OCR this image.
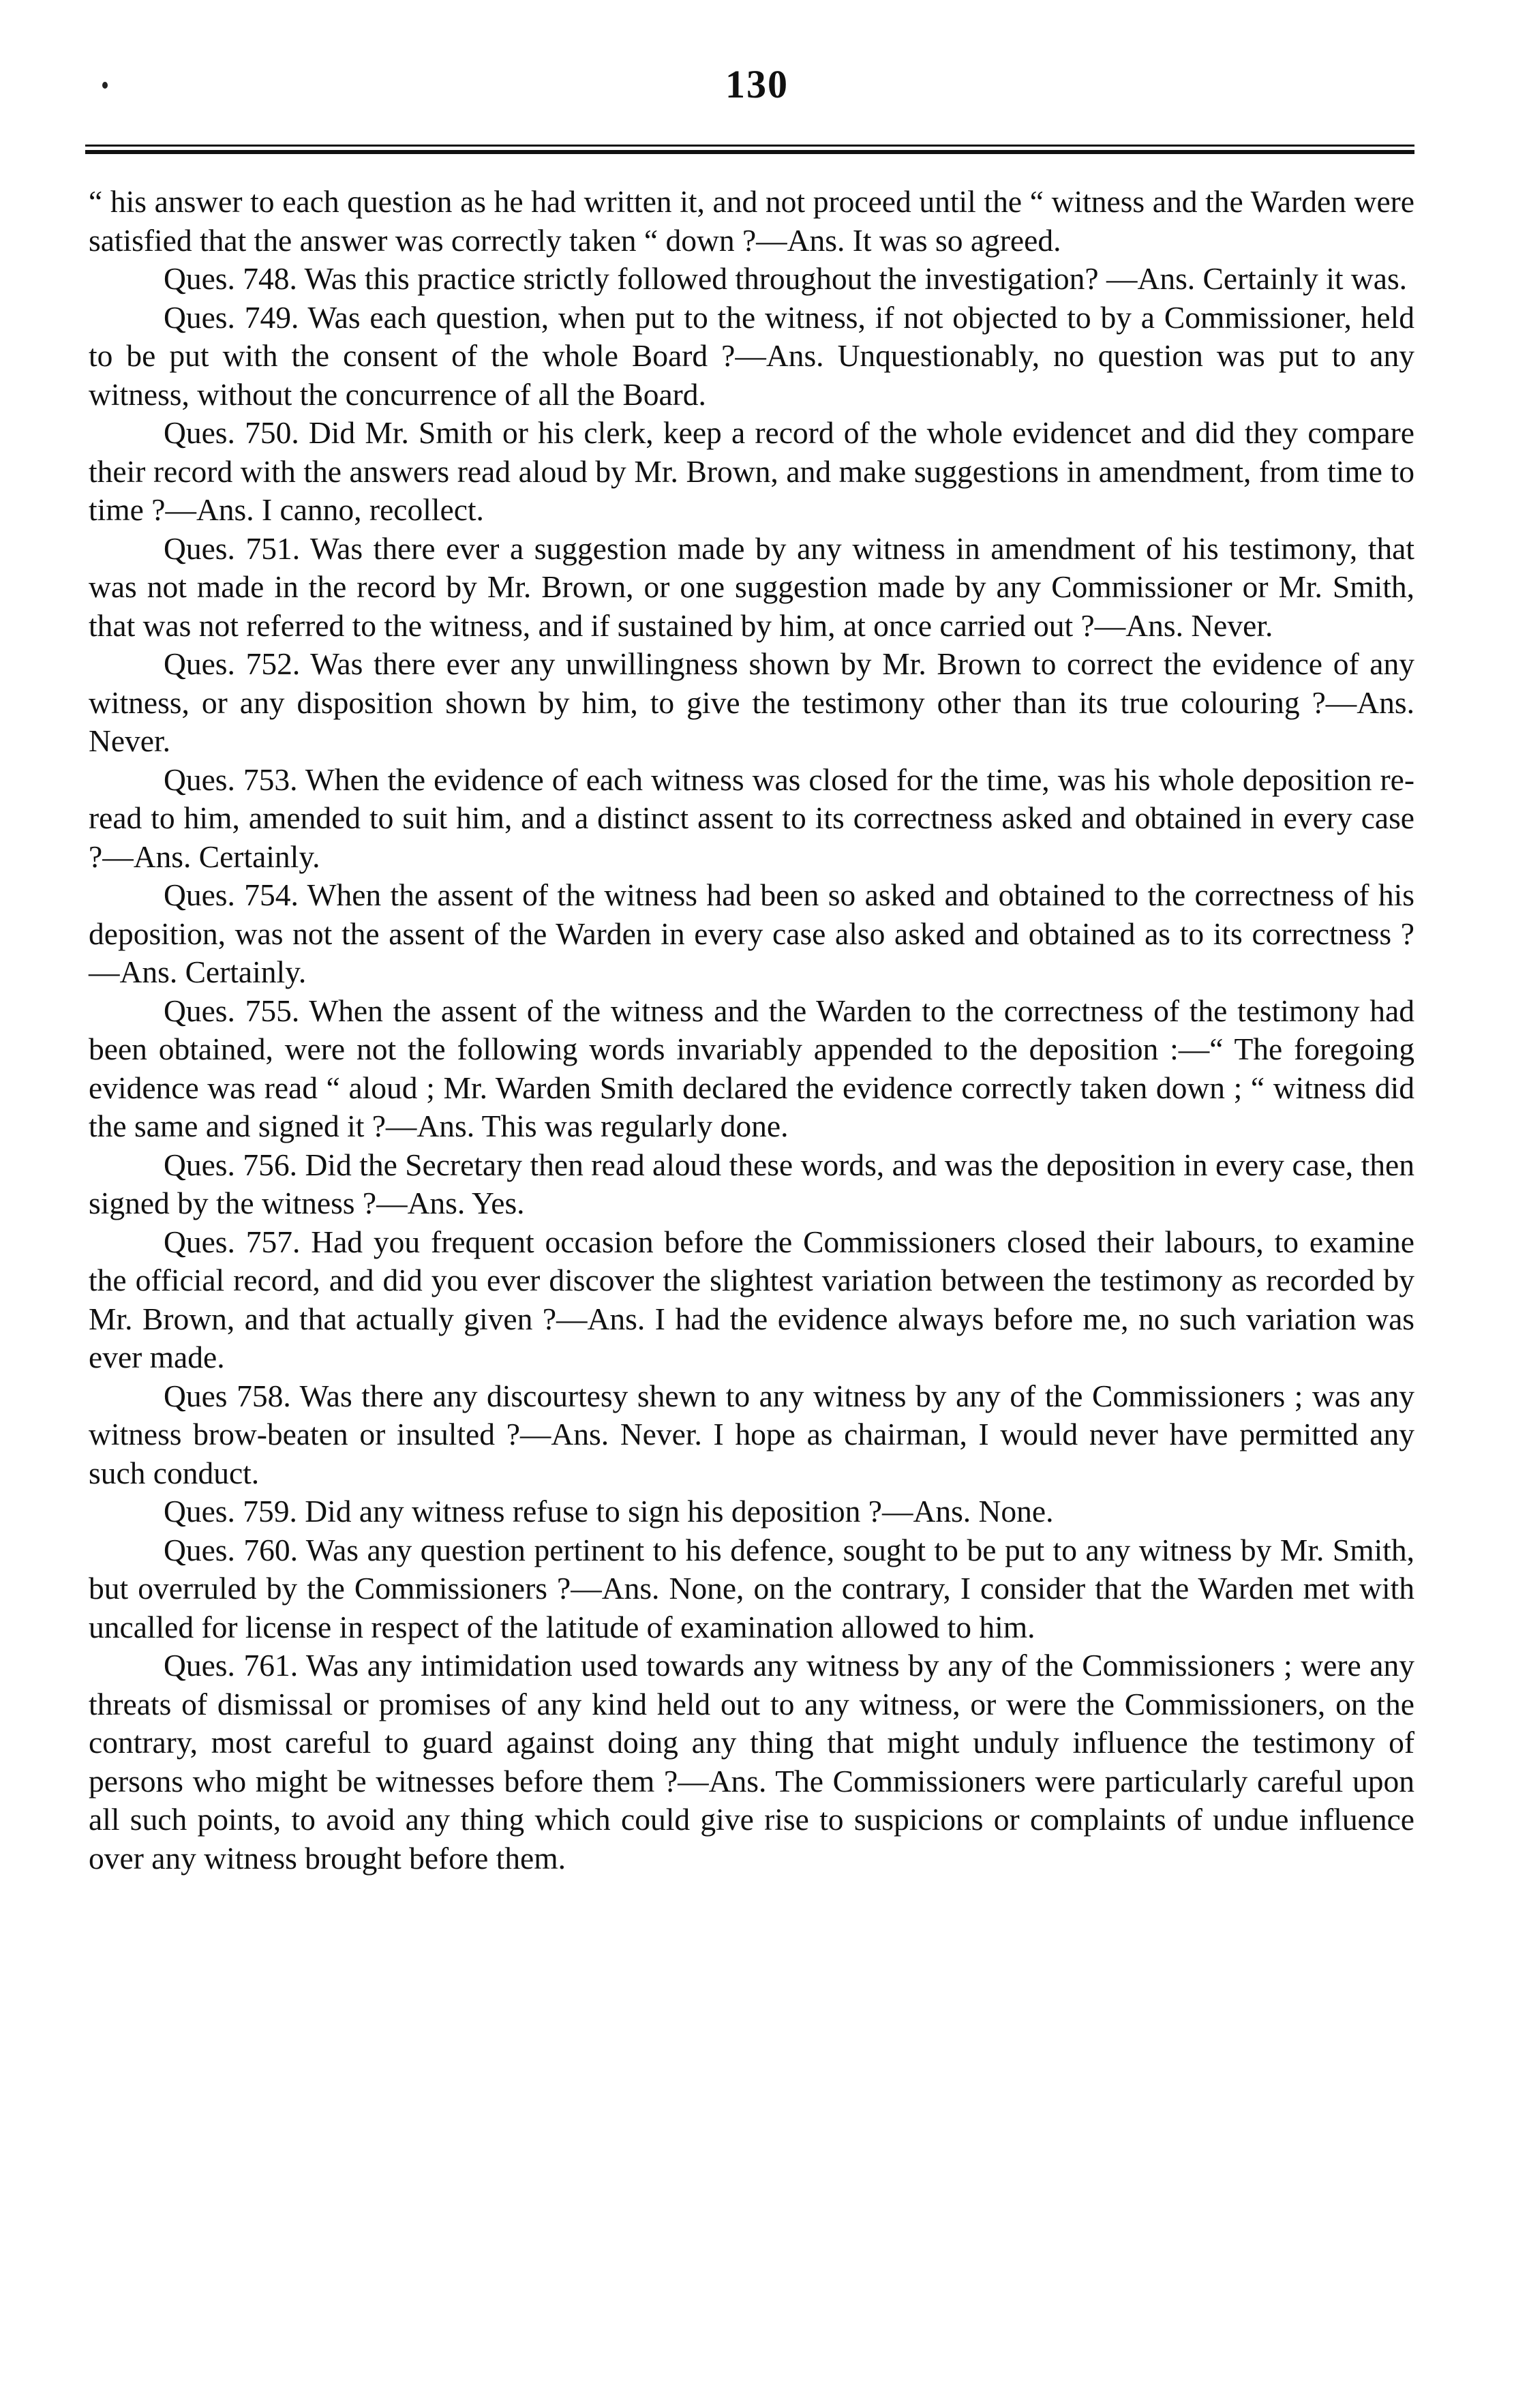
130

“ his answer to each question as he had written it, and not proceed until the “ witness and the Warden were satisfied that the answer was correctly taken “ down ?—Ans. It was so agreed.

Ques. 748. Was this practice strictly followed throughout the investigation? —Ans. Certainly it was.

Ques. 749. Was each question, when put to the witness, if not objected to by a Commissioner, held to be put with the consent of the whole Board ?—Ans. Unquestionably, no question was put to any witness, without the concurrence of all the Board.

Ques. 750. Did Mr. Smith or his clerk, keep a record of the whole evidencet and did they compare their record with the answers read aloud by Mr. Brown, and make suggestions in amendment, from time to time ?—Ans. I canno, recollect.

Ques. 751. Was there ever a suggestion made by any witness in amendment of his testimony, that was not made in the record by Mr. Brown, or one suggestion made by any Commissioner or Mr. Smith, that was not referred to the witness, and if sustained by him, at once carried out ?—Ans. Never.

Ques. 752. Was there ever any unwillingness shown by Mr. Brown to correct the evidence of any witness, or any disposition shown by him, to give the testimony other than its true colouring ?—Ans. Never.

Ques. 753. When the evidence of each witness was closed for the time, was his whole deposition re-read to him, amended to suit him, and a distinct assent to its correctness asked and obtained in every case ?—Ans. Certainly.

Ques. 754. When the assent of the witness had been so asked and obtained to the correctness of his deposition, was not the assent of the Warden in every case also asked and obtained as to its correctness ?—Ans. Certainly.

Ques. 755. When the assent of the witness and the Warden to the correctness of the testimony had been obtained, were not the following words invariably appended to the deposition :—“ The foregoing evidence was read “ aloud ; Mr. Warden Smith declared the evidence correctly taken down ; “ witness did the same and signed it ?—Ans. This was regularly done.

Ques. 756. Did the Secretary then read aloud these words, and was the deposition in every case, then signed by the witness ?—Ans. Yes.

Ques. 757. Had you frequent occasion before the Commissioners closed their labours, to examine the official record, and did you ever discover the slightest variation between the testimony as recorded by Mr. Brown, and that actually given ?—Ans. I had the evidence always before me, no such variation was ever made.

Ques 758. Was there any discourtesy shewn to any witness by any of the Commissioners ; was any witness brow-beaten or insulted ?—Ans. Never. I hope as chairman, I would never have permitted any such conduct.

Ques. 759. Did any witness refuse to sign his deposition ?—Ans. None.

Ques. 760. Was any question pertinent to his defence, sought to be put to any witness by Mr. Smith, but overruled by the Commissioners ?—Ans. None, on the contrary, I consider that the Warden met with uncalled for license in respect of the latitude of examination allowed to him.

Ques. 761. Was any intimidation used towards any witness by any of the Commissioners ; were any threats of dismissal or promises of any kind held out to any witness, or were the Commissioners, on the contrary, most careful to guard against doing any thing that might unduly influence the testimony of persons who might be witnesses before them ?—Ans. The Commissioners were particularly careful upon all such points, to avoid any thing which could give rise to suspicions or complaints of undue influence over any witness brought before them.
